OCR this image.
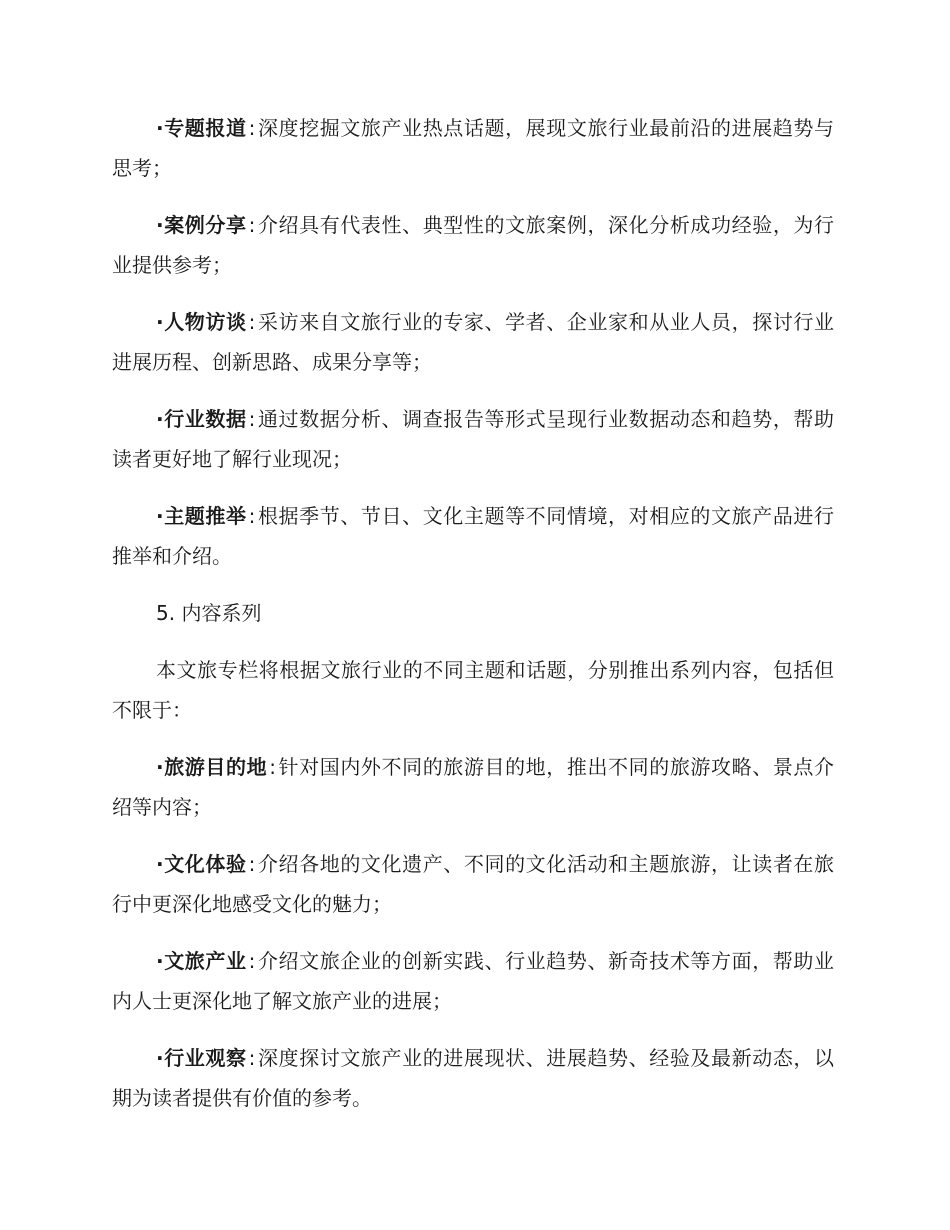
·专题报道 : 深度挖掘文旅产业热点话题，展现文旅行业最前沿的进展趋势与思考；

·案例分享 : 介绍具有代表性、典型性的文旅案例，深化分析成功经验，为行业提供参考；

·人物访谈 : 采访来自文旅行业的专家、学者、企业家和从业人员，探讨行业进展历程、创新思路、成果分享等；

·行业数据 : 通过数据分析、调查报告等形式呈现行业数据动态和趋势，帮助读者更好地了解行业现况；

·主题推举 : 根据季节、节日、文化主题等不同情境，对相应的文旅产品进行推举和介绍。

5. 内容系列

本文旅专栏将根据文旅行业的不同主题和话题，分别推出系列内容，包括但不限于：

·旅游目的地 : 针对国内外不同的旅游目的地，推出不同的旅游攻略、景点介绍等内容；

·文化体验 : 介绍各地的文化遗产、不同的文化活动和主题旅游，让读者在旅行中更深化地感受文化的魅力；

·文旅产业 : 介绍文旅企业的创新实践、行业趋势、新奇技术等方面，帮助业内人士更深化地了解文旅产业的进展；

·行业观察 : 深度探讨文旅产业的进展现状、进展趋势、经验及最新动态，以期为读者提供有价值的参考。
